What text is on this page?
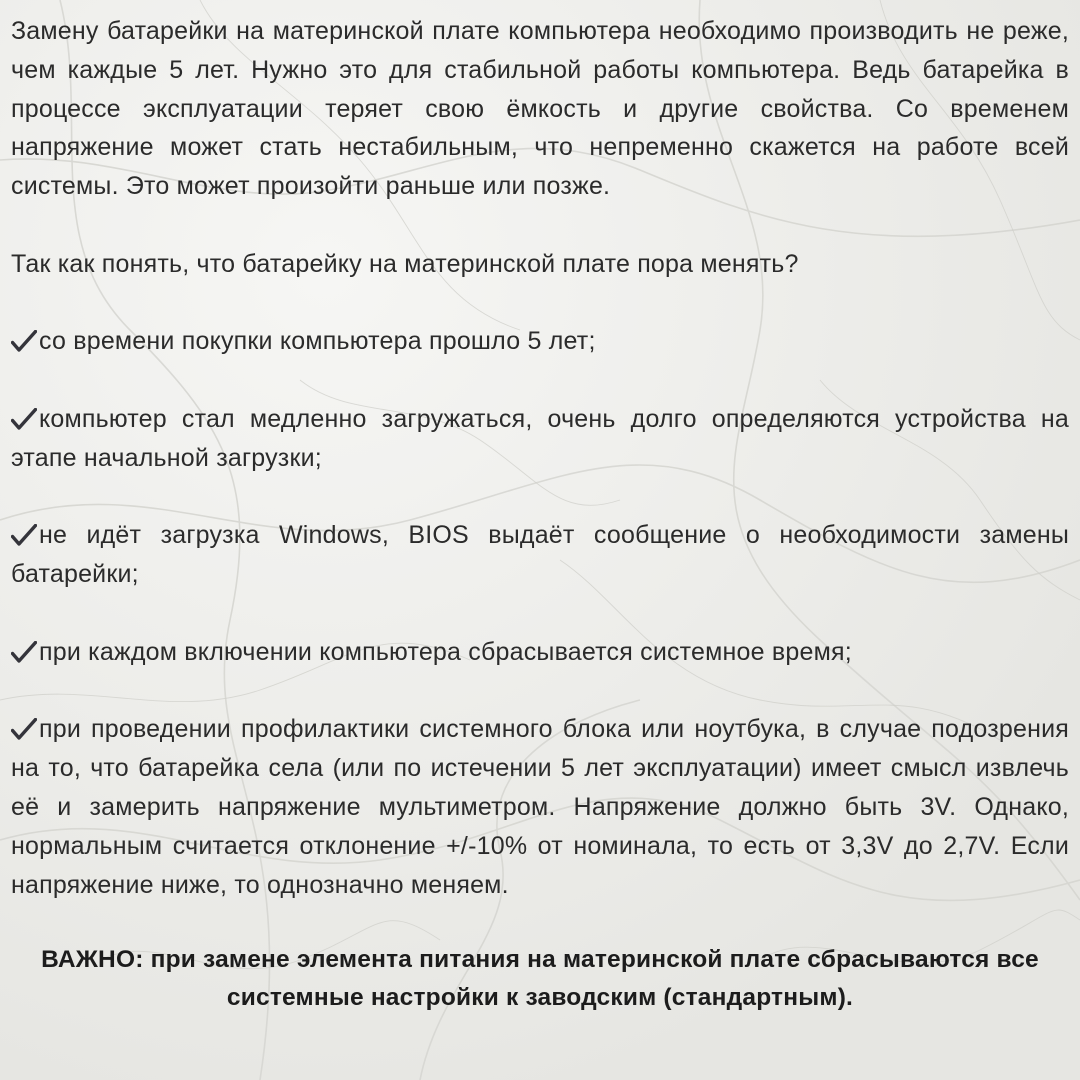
Замену батарейки на материнской плате компьютера необходимо производить не реже, чем каждые 5 лет. Нужно это для стабильной работы компьютера. Ведь батарейка в процессе эксплуатации теряет свою ёмкость и другие свойства. Со временем напряжение может стать нестабильным, что непременно скажется на работе всей системы. Это может произойти раньше или позже.

Так как понять, что батарейку на материнской плате пора менять?

со времени покупки компьютера прошло 5 лет;

компьютер стал медленно загружаться, очень долго определяются устройства на этапе начальной загрузки;

не идёт загрузка Windows, BIOS выдаёт сообщение о необходимости замены батарейки;

при каждом включении компьютера сбрасывается системное время;

при проведении профилактики системного блока или ноутбука, в случае подозрения на то, что батарейка села (или по истечении 5 лет эксплуатации) имеет смысл извлечь её и замерить напряжение мультиметром. Напряжение должно быть 3V. Однако, нормальным считается отклонение +/-10% от номинала, то есть от 3,3V до 2,7V. Если напряжение ниже, то однозначно меняем.

ВАЖНО: при замене элемента питания на материнской плате сбрасываются все системные настройки к заводским (стандартным).
